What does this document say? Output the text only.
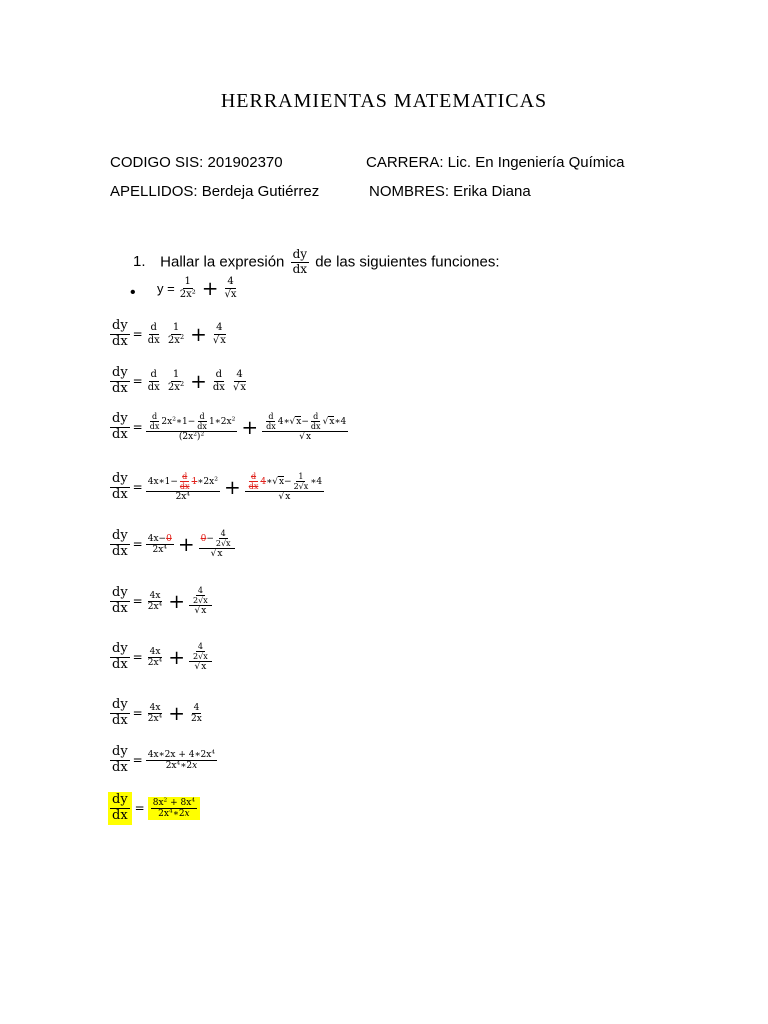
HERRAMIENTAS MATEMATICAS
CODIGO SIS: 201902370	CARRERA: Lic. En Ingeniería Química
APELLIDOS: Berdeja Gutiérrez	NOMBRES: Erika Diana
1. Hallar la expresión $\frac{dy}{dx}$ de las siguientes funciones:
• $y = \frac{1}{\text{2x²}} + \frac{4}{√x}$
$\frac{dy}{dx} = \frac{d}{dx}$
$\frac{1}{2x^2} + \frac{4}{√x}$
$\frac{dy}{dx} = \frac{d}{dx}$
$\frac{1}{2x^2} + \frac{d}{dx}$
$\frac{4}{√x}$
$\frac{dy}{dx} = \frac{\frac{d}{dx} 2x^2∗1- \frac{d}{dx} 1∗2x^2}{(2x^2)^2} + \frac{\frac{d}{dx} 4∗√x- \frac{d}{dx} √x∗4}{√x}$
$\frac{dy}{dx} = \frac{4x∗1- \frac{d}{dx} 1∗2x^2}{2x^4} + \frac{\frac{d}{dx} 4∗√x- \frac{1}{2√x} ∗4}{√x}$
$\frac{dy}{dx} = \frac{4x-0}{2x^4} + \frac{0- \frac{4}{2√x}}{√x}$
$\frac{dy}{dx} = \frac{4x}{2x^4} + \frac{\frac{4}{2√x}}{√x}$
$\frac{dy}{dx} = \frac{4x}{2x^4} + \frac{\frac{4}{2√x}}{√x}$
$\frac{dy}{dx} = \frac{4x}{2x^4} + \frac{4}{2x}$
$\frac{dy}{dx} = \frac{4x∗2x + 4∗2x^4}{2x^4∗2x}$
$\frac{dy}{dx} = \frac{8x^2 + 8x^4}{2x^4∗2x}$
